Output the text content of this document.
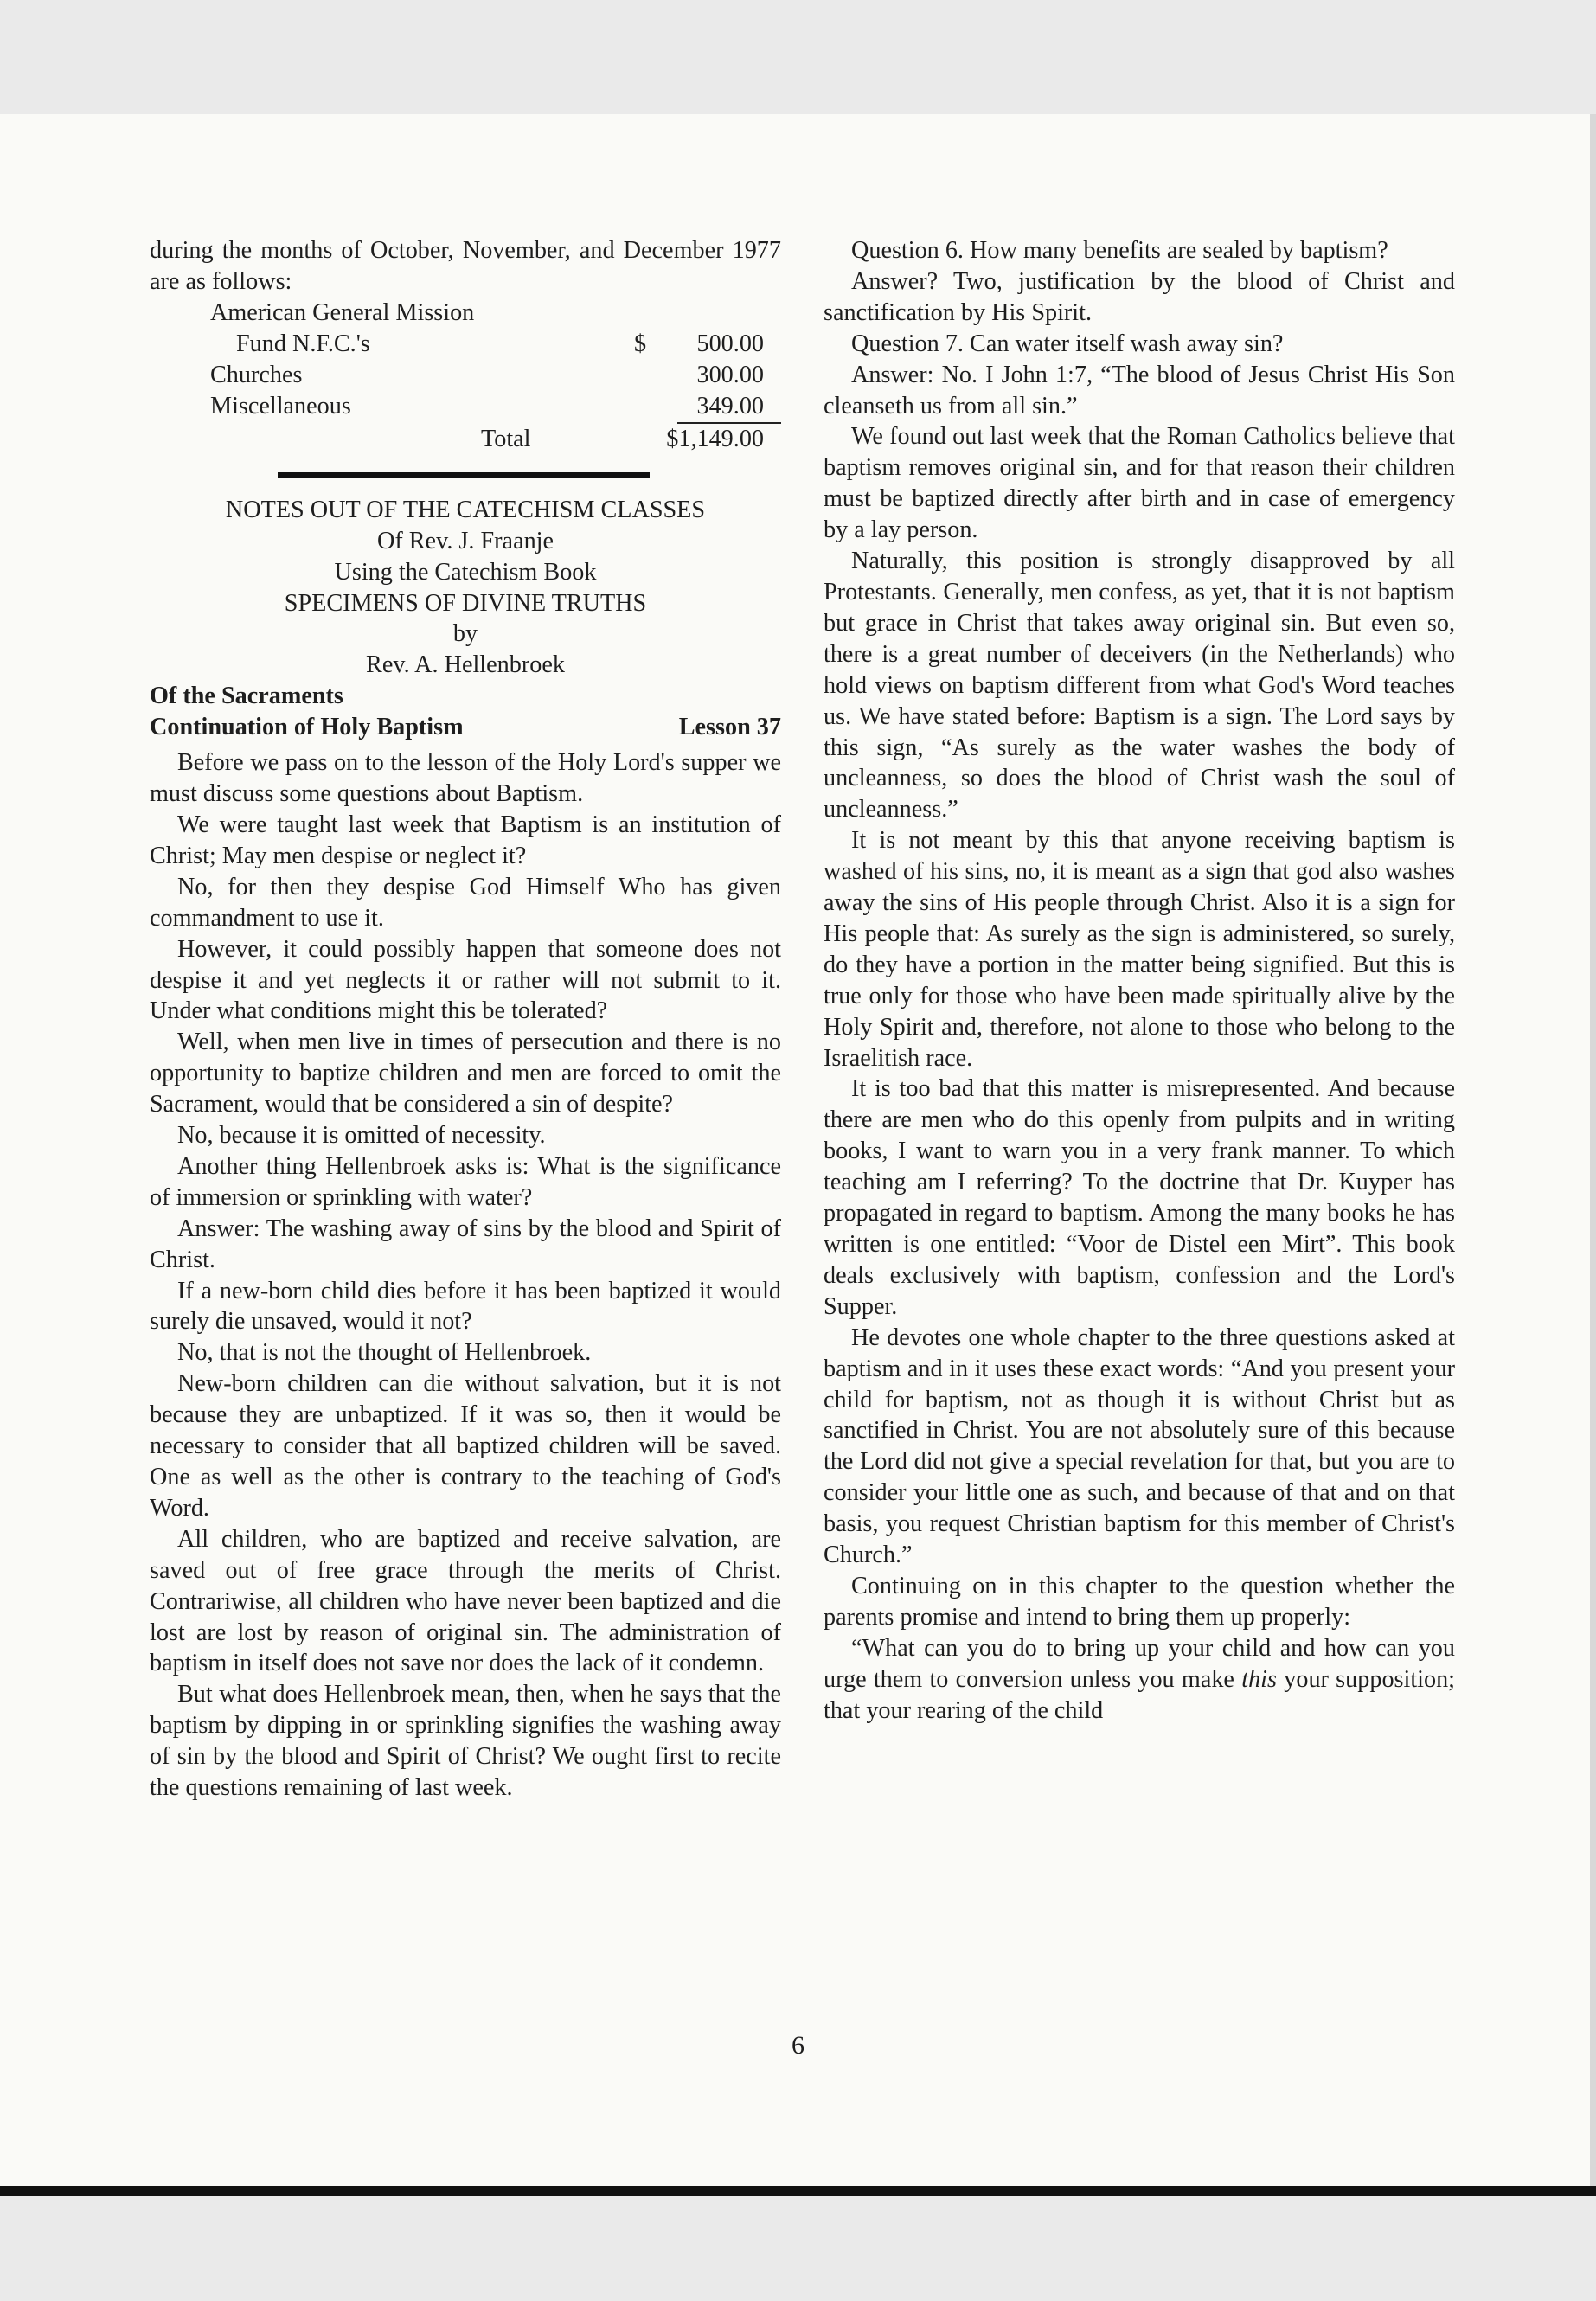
during the months of October, November, and December 1977 are as follows:

American General Mission
Fund N.F.C.'s	$ 500.00
Churches	300.00
Miscellaneous	349.00
Total	$1,149.00
NOTES OUT OF THE CATECHISM CLASSES
Of Rev. J. Fraanje
Using the Catechism Book
SPECIMENS OF DIVINE TRUTHS
by
Rev. A. Hellenbroek
Of the Sacraments
Continuation of Holy Baptism	Lesson 37

Before we pass on to the lesson of the Holy Lord's supper we must discuss some questions about Baptism.

We were taught last week that Baptism is an institution of Christ; May men despise or neglect it?

No, for then they despise God Himself Who has given commandment to use it.

However, it could possibly happen that someone does not despise it and yet neglects it or rather will not submit to it. Under what conditions might this be tolerated?

Well, when men live in times of persecution and there is no opportunity to baptize children and men are forced to omit the Sacrament, would that be considered a sin of despite?

No, because it is omitted of necessity.

Another thing Hellenbroek asks is: What is the significance of immersion or sprinkling with water?

Answer: The washing away of sins by the blood and Spirit of Christ.

If a new-born child dies before it has been baptized it would surely die unsaved, would it not?

No, that is not the thought of Hellenbroek.

New-born children can die without salvation, but it is not because they are unbaptized. If it was so, then it would be necessary to consider that all baptized children will be saved. One as well as the other is contrary to the teaching of God's Word.

All children, who are baptized and receive salvation, are saved out of free grace through the merits of Christ. Contrariwise, all children who have never been baptized and die lost are lost by reason of original sin. The administration of baptism in itself does not save nor does the lack of it condemn.

But what does Hellenbroek mean, then, when he says that the baptism by dipping in or sprinkling signifies the washing away of sin by the blood and Spirit of Christ? We ought first to recite the questions remaining of last week.

Question 6. How many benefits are sealed by baptism?

Answer? Two, justification by the blood of Christ and sanctification by His Spirit.

Question 7. Can water itself wash away sin?

Answer: No. I John 1:7, “The blood of Jesus Christ His Son cleanseth us from all sin.”

We found out last week that the Roman Catholics believe that baptism removes original sin, and for that reason their children must be baptized directly after birth and in case of emergency by a lay person.

Naturally, this position is strongly disapproved by all Protestants. Generally, men confess, as yet, that it is not baptism but grace in Christ that takes away original sin. But even so, there is a great number of deceivers (in the Netherlands) who hold views on baptism different from what God's Word teaches us. We have stated before: Baptism is a sign. The Lord says by this sign, “As surely as the water washes the body of uncleanness, so does the blood of Christ wash the soul of uncleanness.”

It is not meant by this that anyone receiving baptism is washed of his sins, no, it is meant as a sign that god also washes away the sins of His people through Christ. Also it is a sign for His people that: As surely as the sign is administered, so surely, do they have a portion in the matter being signified. But this is true only for those who have been made spiritually alive by the Holy Spirit and, therefore, not alone to those who belong to the Israelitish race.

It is too bad that this matter is misrepresented. And because there are men who do this openly from pulpits and in writing books, I want to warn you in a very frank manner. To which teaching am I referring? To the doctrine that Dr. Kuyper has propagated in regard to baptism. Among the many books he has written is one entitled: “Voor de Distel een Mirt”. This book deals exclusively with baptism, confession and the Lord's Supper.

He devotes one whole chapter to the three questions asked at baptism and in it uses these exact words: “And you present your child for baptism, not as though it is without Christ but as sanctified in Christ. You are not absolutely sure of this because the Lord did not give a special revelation for that, but you are to consider your little one as such, and because of that and on that basis, you request Christian baptism for this member of Christ's Church.”

Continuing on in this chapter to the question whether the parents promise and intend to bring them up properly:

“What can you do to bring up your child and how can you urge them to conversion unless you make this your supposition; that your rearing of the child

6
